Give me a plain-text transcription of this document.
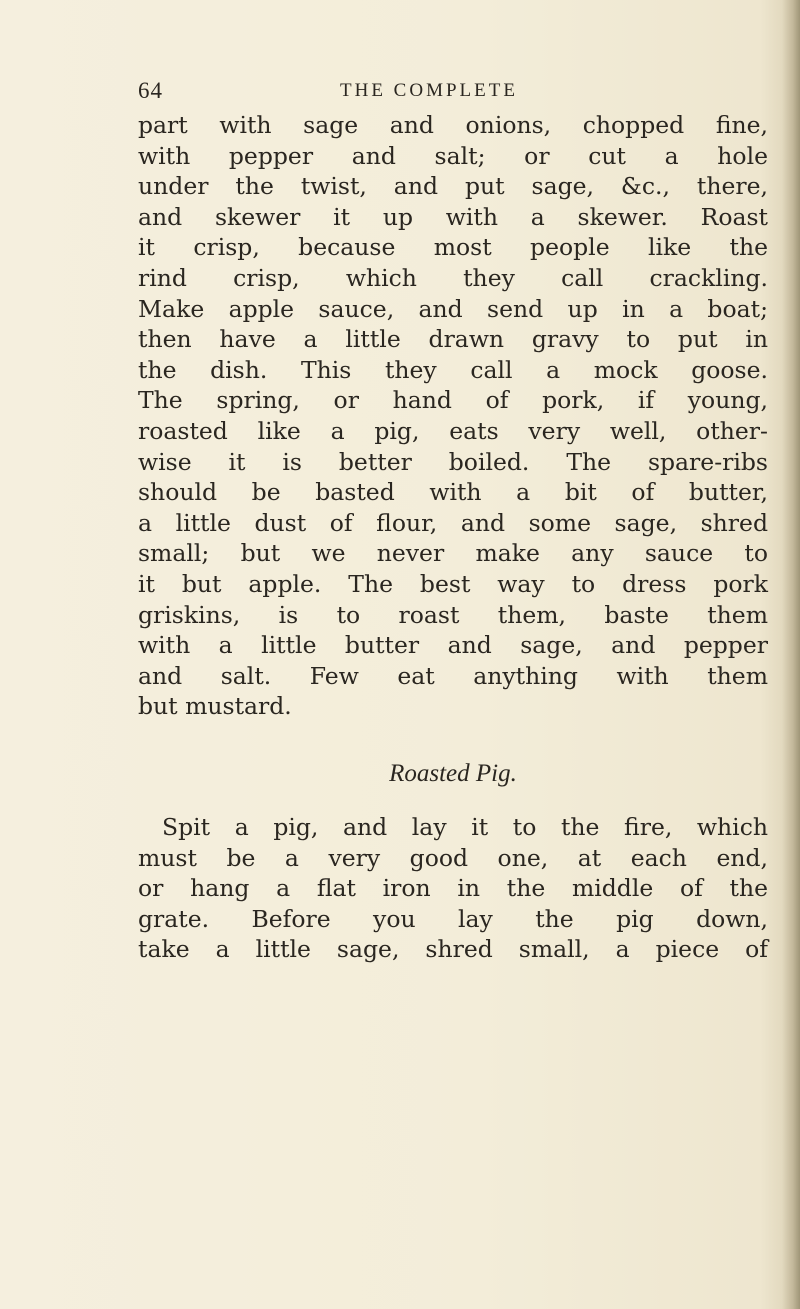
64	THE COMPLETE
part with sage and onions, chopped fine,
with pepper and salt; or cut a hole
under the twist, and put sage, &c., there,
and skewer it up with a skewer. Roast
it crisp, because most people like the
rind crisp, which they call crackling.
Make apple sauce, and send up in a boat;
then have a little drawn gravy to put in
the dish. This they call a mock goose.
The spring, or hand of pork, if young,
roasted like a pig, eats very well, other-
wise it is better boiled. The spare-ribs
should be basted with a bit of butter,
a little dust of flour, and some sage, shred
small; but we never make any sauce to
it but apple. The best way to dress pork
griskins, is to roast them, baste them
with a little butter and sage, and pepper
and salt. Few eat anything with them
but mustard.
Roasted Pig.
Spit a pig, and lay it to the fire, which
must be a very good one, at each end,
or hang a flat iron in the middle of the
grate. Before you lay the pig down,
take a little sage, shred small, a piece of
